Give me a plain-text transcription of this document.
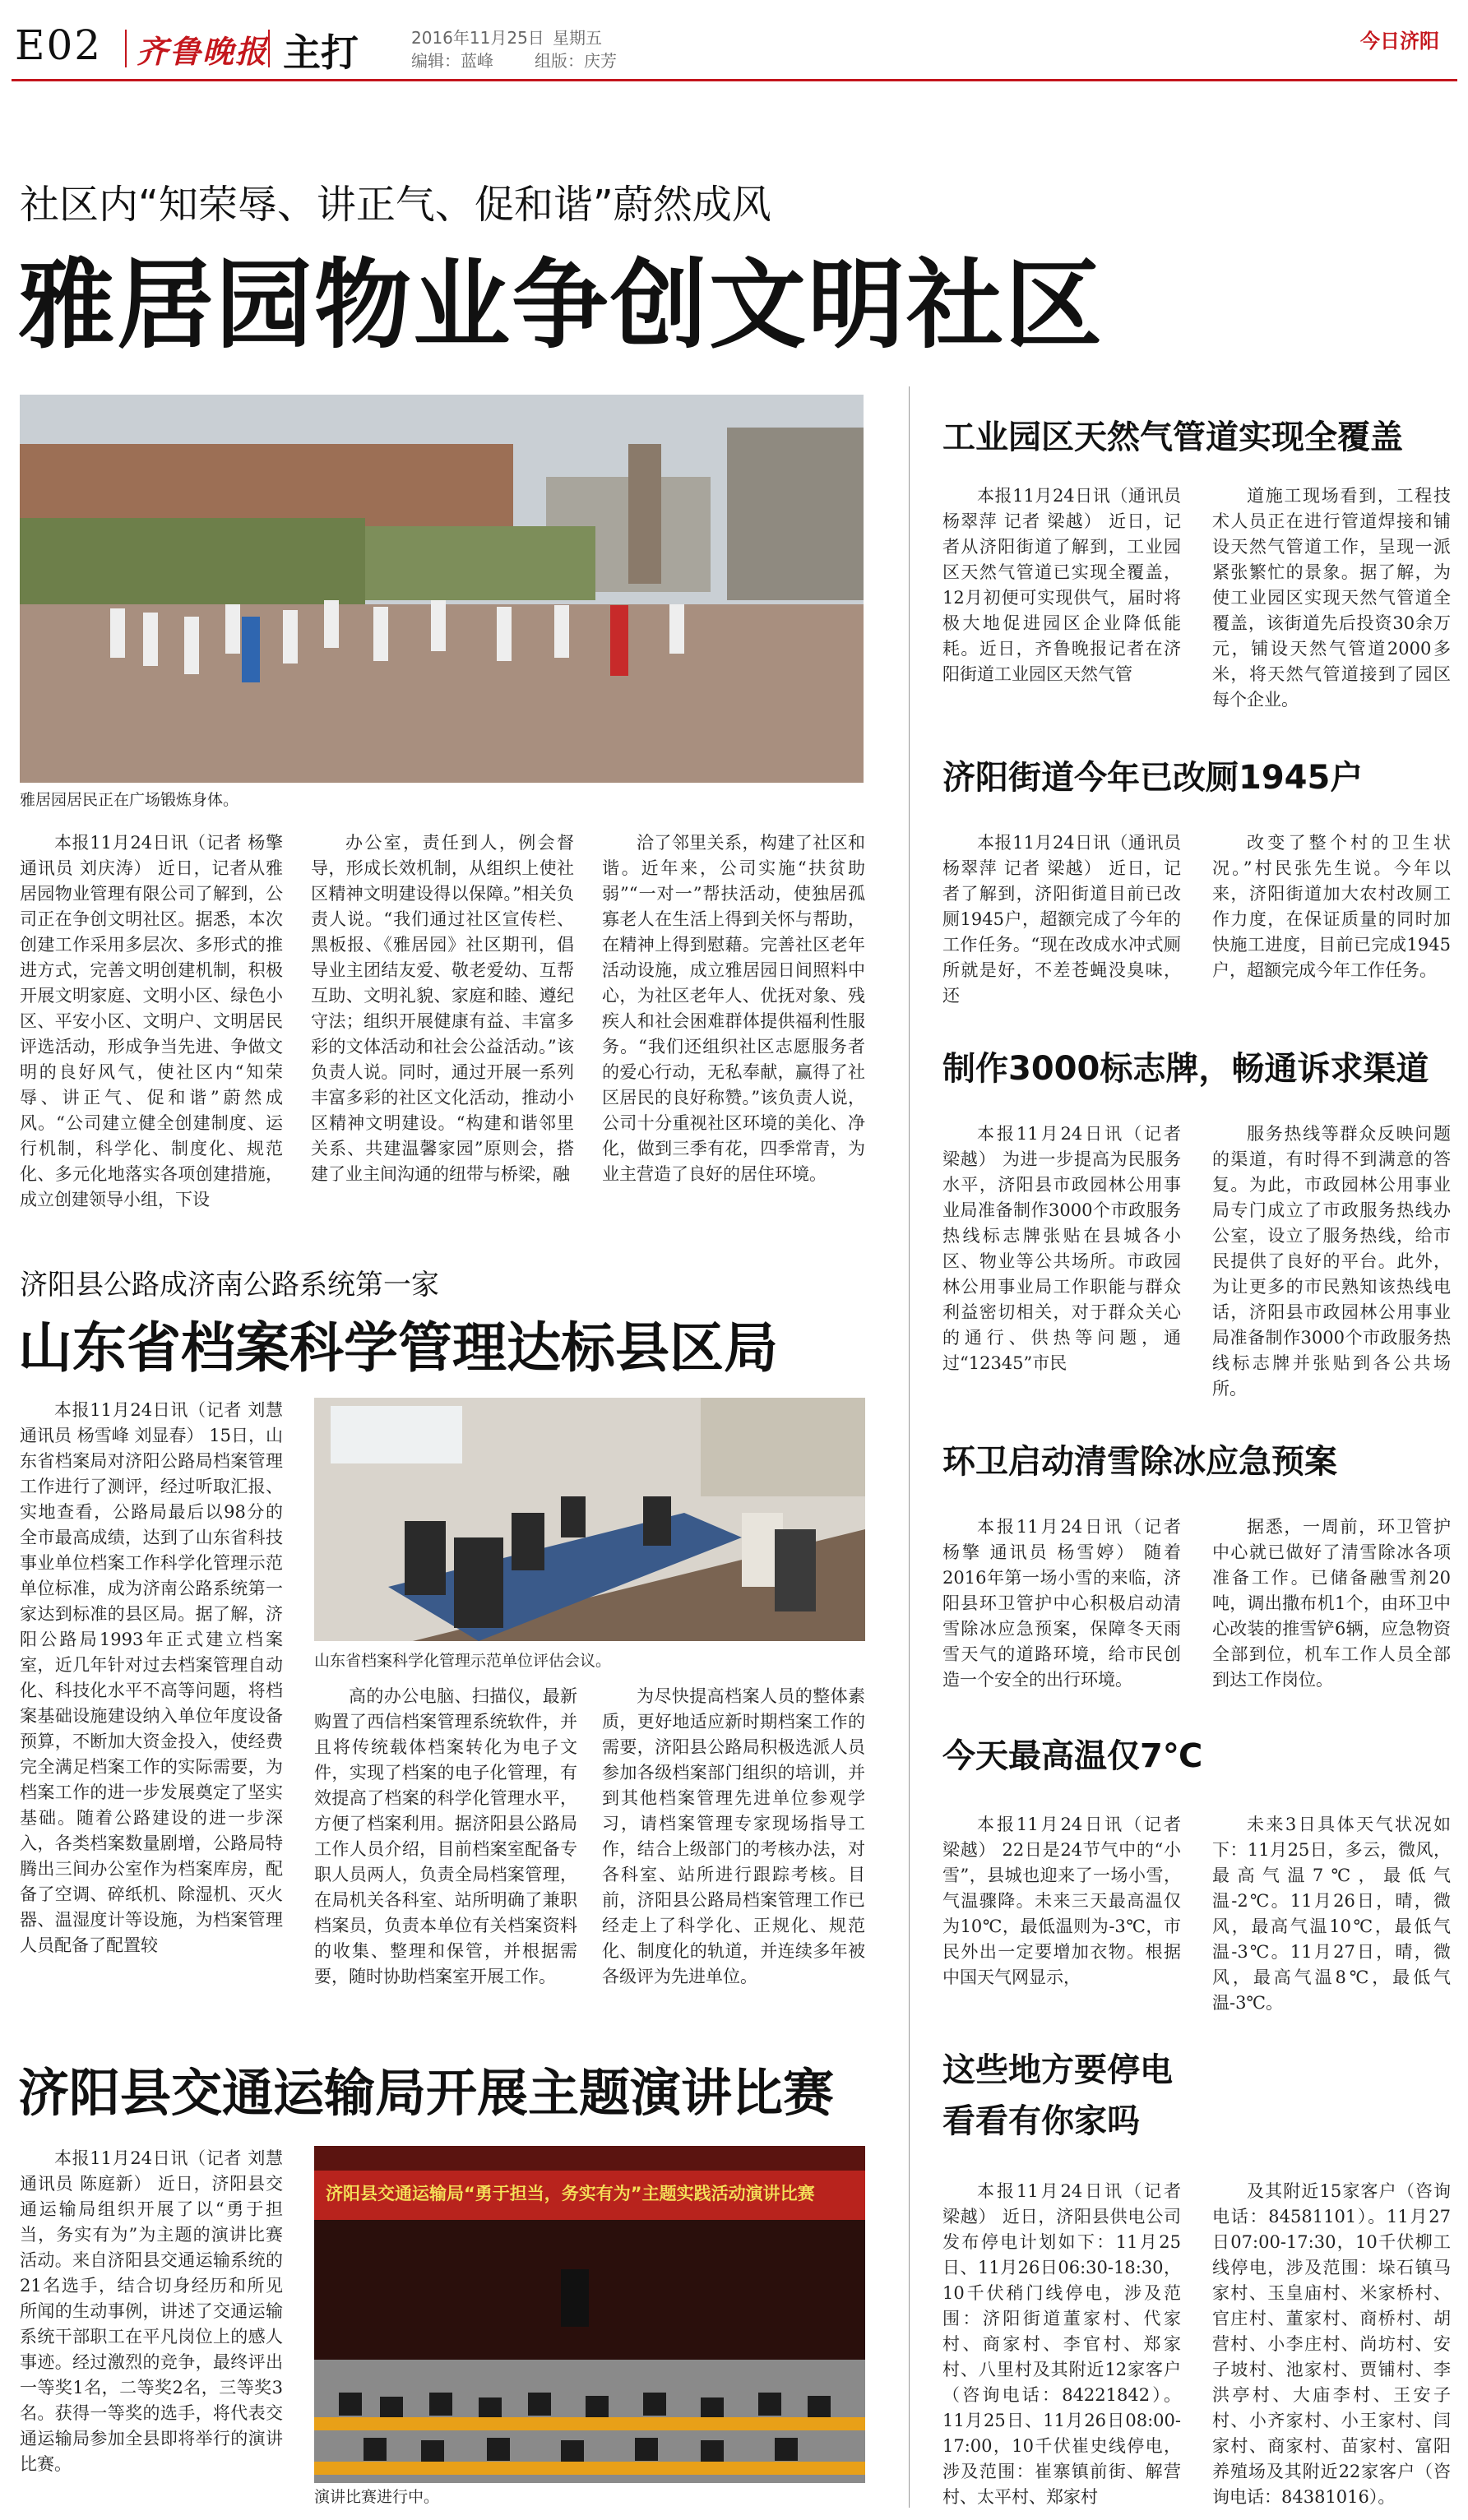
E02 齐鲁晚报 主打	2016年11月25日 星期五
编辑：蓝峰	组版：庆芳
今日济阳
社区内“知荣辱、讲正气、促和谐”蔚然成风
雅居园物业争创文明社区
雅居园居民正在广场锻炼身体。
本报11月24日讯（记者 杨擎 通讯员 刘庆涛） 近日，记者从雅居园物业管理有限公司了解到，公司正在争创文明社区。据悉，本次创建工作采用多层次、多形式的推进方式，完善文明创建机制，积极开展文明家庭、文明小区、绿色小区、平安小区、文明户、文明居民评选活动，形成争当先进、争做文明的良好风气，使社区内“知荣辱、讲正气、促和谐”蔚然成风。“公司建立健全创建制度、运行机制，科学化、制度化、规范化、多元化地落实各项创建措施，成立创建领导小组，下设
办公室，责任到人，例会督导，形成长效机制，从组织上使社区精神文明建设得以保障。”相关负责人说。“我们通过社区宣传栏、黑板报、《雅居园》社区期刊，倡导业主团结友爱、敬老爱幼、互帮互助、文明礼貌、家庭和睦、遵纪守法；组织开展健康有益、丰富多彩的文体活动和社会公益活动。”该负责人说。同时，通过开展一系列丰富多彩的社区文化活动，推动小区精神文明建设。“构建和谐邻里关系、共建温馨家园”原则会，搭建了业主间沟通的纽带与桥梁，融
洽了邻里关系，构建了社区和谐。近年来，公司实施“扶贫助弱”“一对一”帮扶活动，使独居孤寡老人在生活上得到关怀与帮助，在精神上得到慰藉。完善社区老年活动设施，成立雅居园日间照料中心，为社区老年人、优抚对象、残疾人和社会困难群体提供福利性服务。“我们还组织社区志愿服务者的爱心行动，无私奉献，赢得了社区居民的良好称赞。”该负责人说，公司十分重视社区环境的美化、净化，做到三季有花，四季常青，为业主营造了良好的居住环境。
济阳县公路成济南公路系统第一家
山东省档案科学管理达标县区局
本报11月24日讯（记者 刘慧 通讯员 杨雪峰 刘显春） 15日，山东省档案局对济阳公路局档案管理工作进行了测评，经过听取汇报、实地查看，公路局最后以98分的全市最高成绩，达到了山东省科技事业单位档案工作科学化管理示范单位标准，成为济南公路系统第一家达到标准的县区局。据了解，济阳公路局1993年正式建立档案室，近几年针对过去档案管理自动化、科技化水平不高等问题，将档案基础设施建设纳入单位年度设备预算，不断加大资金投入，使经费完全满足档案工作的实际需要，为档案工作的进一步发展奠定了坚实基础。随着公路建设的进一步深入，各类档案数量剧增，公路局特腾出三间办公室作为档案库房，配备了空调、碎纸机、除湿机、灭火器、温湿度计等设施，为档案管理人员配备了配置较
山东省档案科学化管理示范单位评估会议。
高的办公电脑、扫描仪，最新购置了西信档案管理系统软件，并且将传统载体档案转化为电子文件，实现了档案的电子化管理，有效提高了档案的科学化管理水平，方便了档案利用。据济阳县公路局工作人员介绍，目前档案室配备专职人员两人，负责全局档案管理，在局机关各科室、站所明确了兼职档案员，负责本单位有关档案资料的收集、整理和保管，并根据需要，随时协助档案室开展工作。
为尽快提高档案人员的整体素质，更好地适应新时期档案工作的需要，济阳县公路局积极选派人员参加各级档案部门组织的培训，并到其他档案管理先进单位参观学习，请档案管理专家现场指导工作，结合上级部门的考核办法，对各科室、站所进行跟踪考核。目前，济阳县公路局档案管理工作已经走上了科学化、正规化、规范化、制度化的轨道，并连续多年被各级评为先进单位。
济阳县交通运输局开展主题演讲比赛
本报11月24日讯（记者 刘慧 通讯员 陈庭新） 近日，济阳县交通运输局组织开展了以“勇于担当，务实有为”为主题的演讲比赛活动。来自济阳县交通运输系统的21名选手，结合切身经历和所见所闻的生动事例，讲述了交通运输系统干部职工在平凡岗位上的感人事迹。经过激烈的竞争，最终评出一等奖1名，二等奖2名，三等奖3名。获得一等奖的选手，将代表交通运输局参加全县即将举行的演讲比赛。
济阳县交通运输局“勇于担当，务实有为”主题实践活动演讲比赛
演讲比赛进行中。
工业园区天然气管道实现全覆盖
本报11月24日讯（通讯员 杨翠萍 记者 梁越） 近日，记者从济阳街道了解到，工业园区天然气管道已实现全覆盖，12月初便可实现供气，届时将极大地促进园区企业降低能耗。近日，齐鲁晚报记者在济阳街道工业园区天然气管
道施工现场看到，工程技术人员正在进行管道焊接和铺设天然气管道工作，呈现一派紧张繁忙的景象。据了解，为使工业园区实现天然气管道全覆盖，该街道先后投资30余万元，铺设天然气管道2000多米，将天然气管道接到了园区每个企业。
济阳街道今年已改厕1945户
本报11月24日讯（通讯员 杨翠萍 记者 梁越） 近日，记者了解到，济阳街道目前已改厕1945户，超额完成了今年的工作任务。“现在改成水冲式厕所就是好，不差苍蝇没臭味，还
改变了整个村的卫生状况。”村民张先生说。今年以来，济阳街道加大农村改厕工作力度，在保证质量的同时加快施工进度，目前已完成1945户，超额完成今年工作任务。
制作3000标志牌，畅通诉求渠道
本报11月24日讯（记者 梁越） 为进一步提高为民服务水平，济阳县市政园林公用事业局准备制作3000个市政服务热线标志牌张贴在县城各小区、物业等公共场所。市政园林公用事业局工作职能与群众利益密切相关，对于群众关心的通行、供热等问题，通过“12345”市民
服务热线等群众反映问题的渠道，有时得不到满意的答复。为此，市政园林公用事业局专门成立了市政服务热线办公室，设立了服务热线，给市民提供了良好的平台。此外，为让更多的市民熟知该热线电话，济阳县市政园林公用事业局准备制作3000个市政服务热线标志牌并张贴到各公共场所。
环卫启动清雪除冰应急预案
本报11月24日讯（记者 杨擎 通讯员 杨雪婷） 随着2016年第一场小雪的来临，济阳县环卫管护中心积极启动清雪除冰应急预案，保障冬天雨雪天气的道路环境，给市民创造一个安全的出行环境。
据悉，一周前，环卫管护中心就已做好了清雪除冰各项准备工作。已储备融雪剂20吨，调出撒布机1个，由环卫中心改装的推雪铲6辆，应急物资全部到位，机车工作人员全部到达工作岗位。
今天最高温仅7℃
本报11月24日讯（记者 梁越） 22日是24节气中的“小雪”，县城也迎来了一场小雪，气温骤降。未来三天最高温仅为10℃，最低温则为-3℃，市民外出一定要增加衣物。根据中国天气网显示，
未来3日具体天气状况如下：11月25日，多云，微风，最高气温7℃，最低气温-2℃。11月26日，晴，微风，最高气温10℃，最低气温-3℃。11月27日，晴，微风，最高气温8℃，最低气温-3℃。
这些地方要停电
看看有你家吗
本报11月24日讯（记者 梁越） 近日，济阳县供电公司发布停电计划如下：11月25日、11月26日06:30-18:30，10千伏稍门线停电，涉及范围：济阳街道董家村、代家村、商家村、李官村、郑家村、八里村及其附近12家客户（咨询电话：84221842）。11月25日、11月26日08:00-17:00，10千伏崔史线停电，涉及范围：崔寨镇前街、解营村、太平村、郑家村
及其附近15家客户（咨询电话：84581101）。11月27日07:00-17:30，10千伏柳工线停电，涉及范围：垛石镇马家村、玉皇庙村、米家桥村、官庄村、董家村、商桥村、胡营村、小李庄村、尚坊村、安子坡村、池家村、贾铺村、李洪亭村、大庙李村、王安子村、小齐家村、小王家村、闫家村、商家村、苗家村、富阳养殖场及其附近22家客户（咨询电话：84381016）。
